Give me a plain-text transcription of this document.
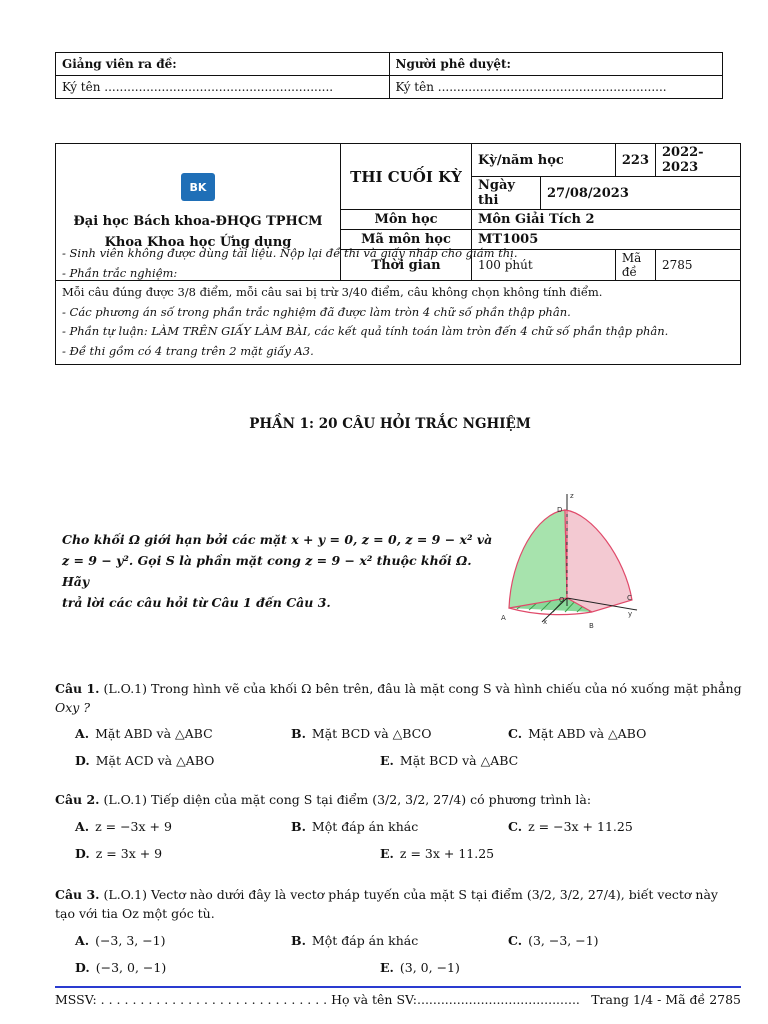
Giảng viên ra đề:	Người phê duyệt:
Ký tên ............................................................	Ký tên ............................................................
BK
Đại học Bách khoa-ĐHQG TPHCM
Khoa Khoa học Ứng dụng	THI CUỐI KỲ	Kỳ/năm học		223	2022-2023
		Ngày thi	27/08/2023		
	Môn học	Môn Giải Tích 2			
	Mã môn học	MT1005			
	Thời gian	100 phút		Mã đề	2785
- Sinh viên không được dùng tài liệu. Nộp lại đề thi và giấy nháp cho giám thị.
- Phần trắc nghiệm:
Mỗi câu đúng được 3/8 điểm, mỗi câu sai bị trừ 3/40 điểm, câu không chọn không tính điểm.
- Các phương án số trong phần trắc nghiệm đã được làm tròn 4 chữ số phần thập phân.
- Phần tự luận: LÀM TRÊN GIẤY LÀM BÀI, các kết quả tính toán làm tròn đến 4 chữ số phần thập phân.
- Đề thi gồm có 4 trang trên 2 mặt giấy A3.
PHẦN 1: 20 CÂU HỎI TRẮC NGHIỆM
Cho khối Ω giới hạn bởi các mặt x + y = 0, z = 0, z = 9 − x² và
z = 9 − y². Gọi S là phần mặt cong z = 9 − x² thuộc khối Ω. Hãy
trả lời các câu hỏi từ Câu 1 đến Câu 3.
z
D
O	C
A
B
x
y
Câu 1. (L.O.1) Trong hình vẽ của khối Ω bên trên, đâu là mặt cong S và hình chiếu của nó xuống mặt phẳng
Oxy ?
A. Mặt ABD và △ABC	B. Mặt BCD và △BCO	C. Mặt ABD và △ABO
D. Mặt ACD và △ABO	E. Mặt BCD và △ABC
Câu 2. (L.O.1) Tiếp diện của mặt cong S tại điểm (3/2, 3/2, 27/4) có phương trình là:
A. z = −3x + 9	B. Một đáp án khác	C. z = −3x + 11.25
D. z = 3x + 9	E. z = 3x + 11.25
Câu 3. (L.O.1) Vectơ nào dưới đây là vectơ pháp tuyến của mặt S tại điểm (3/2, 3/2, 27/4), biết vectơ này
tạo với tia Oz một góc tù.
A. (−3, 3, −1)	B. Một đáp án khác	C. (3, −3, −1)
D. (−3, 0, −1)	E. (3, 0, −1)
MSSV: . . . . . . . . . . . . . . . . . . . . . . . . . . . . . Họ và tên SV:......................................... Trang 1/4 - Mã đề 2785
